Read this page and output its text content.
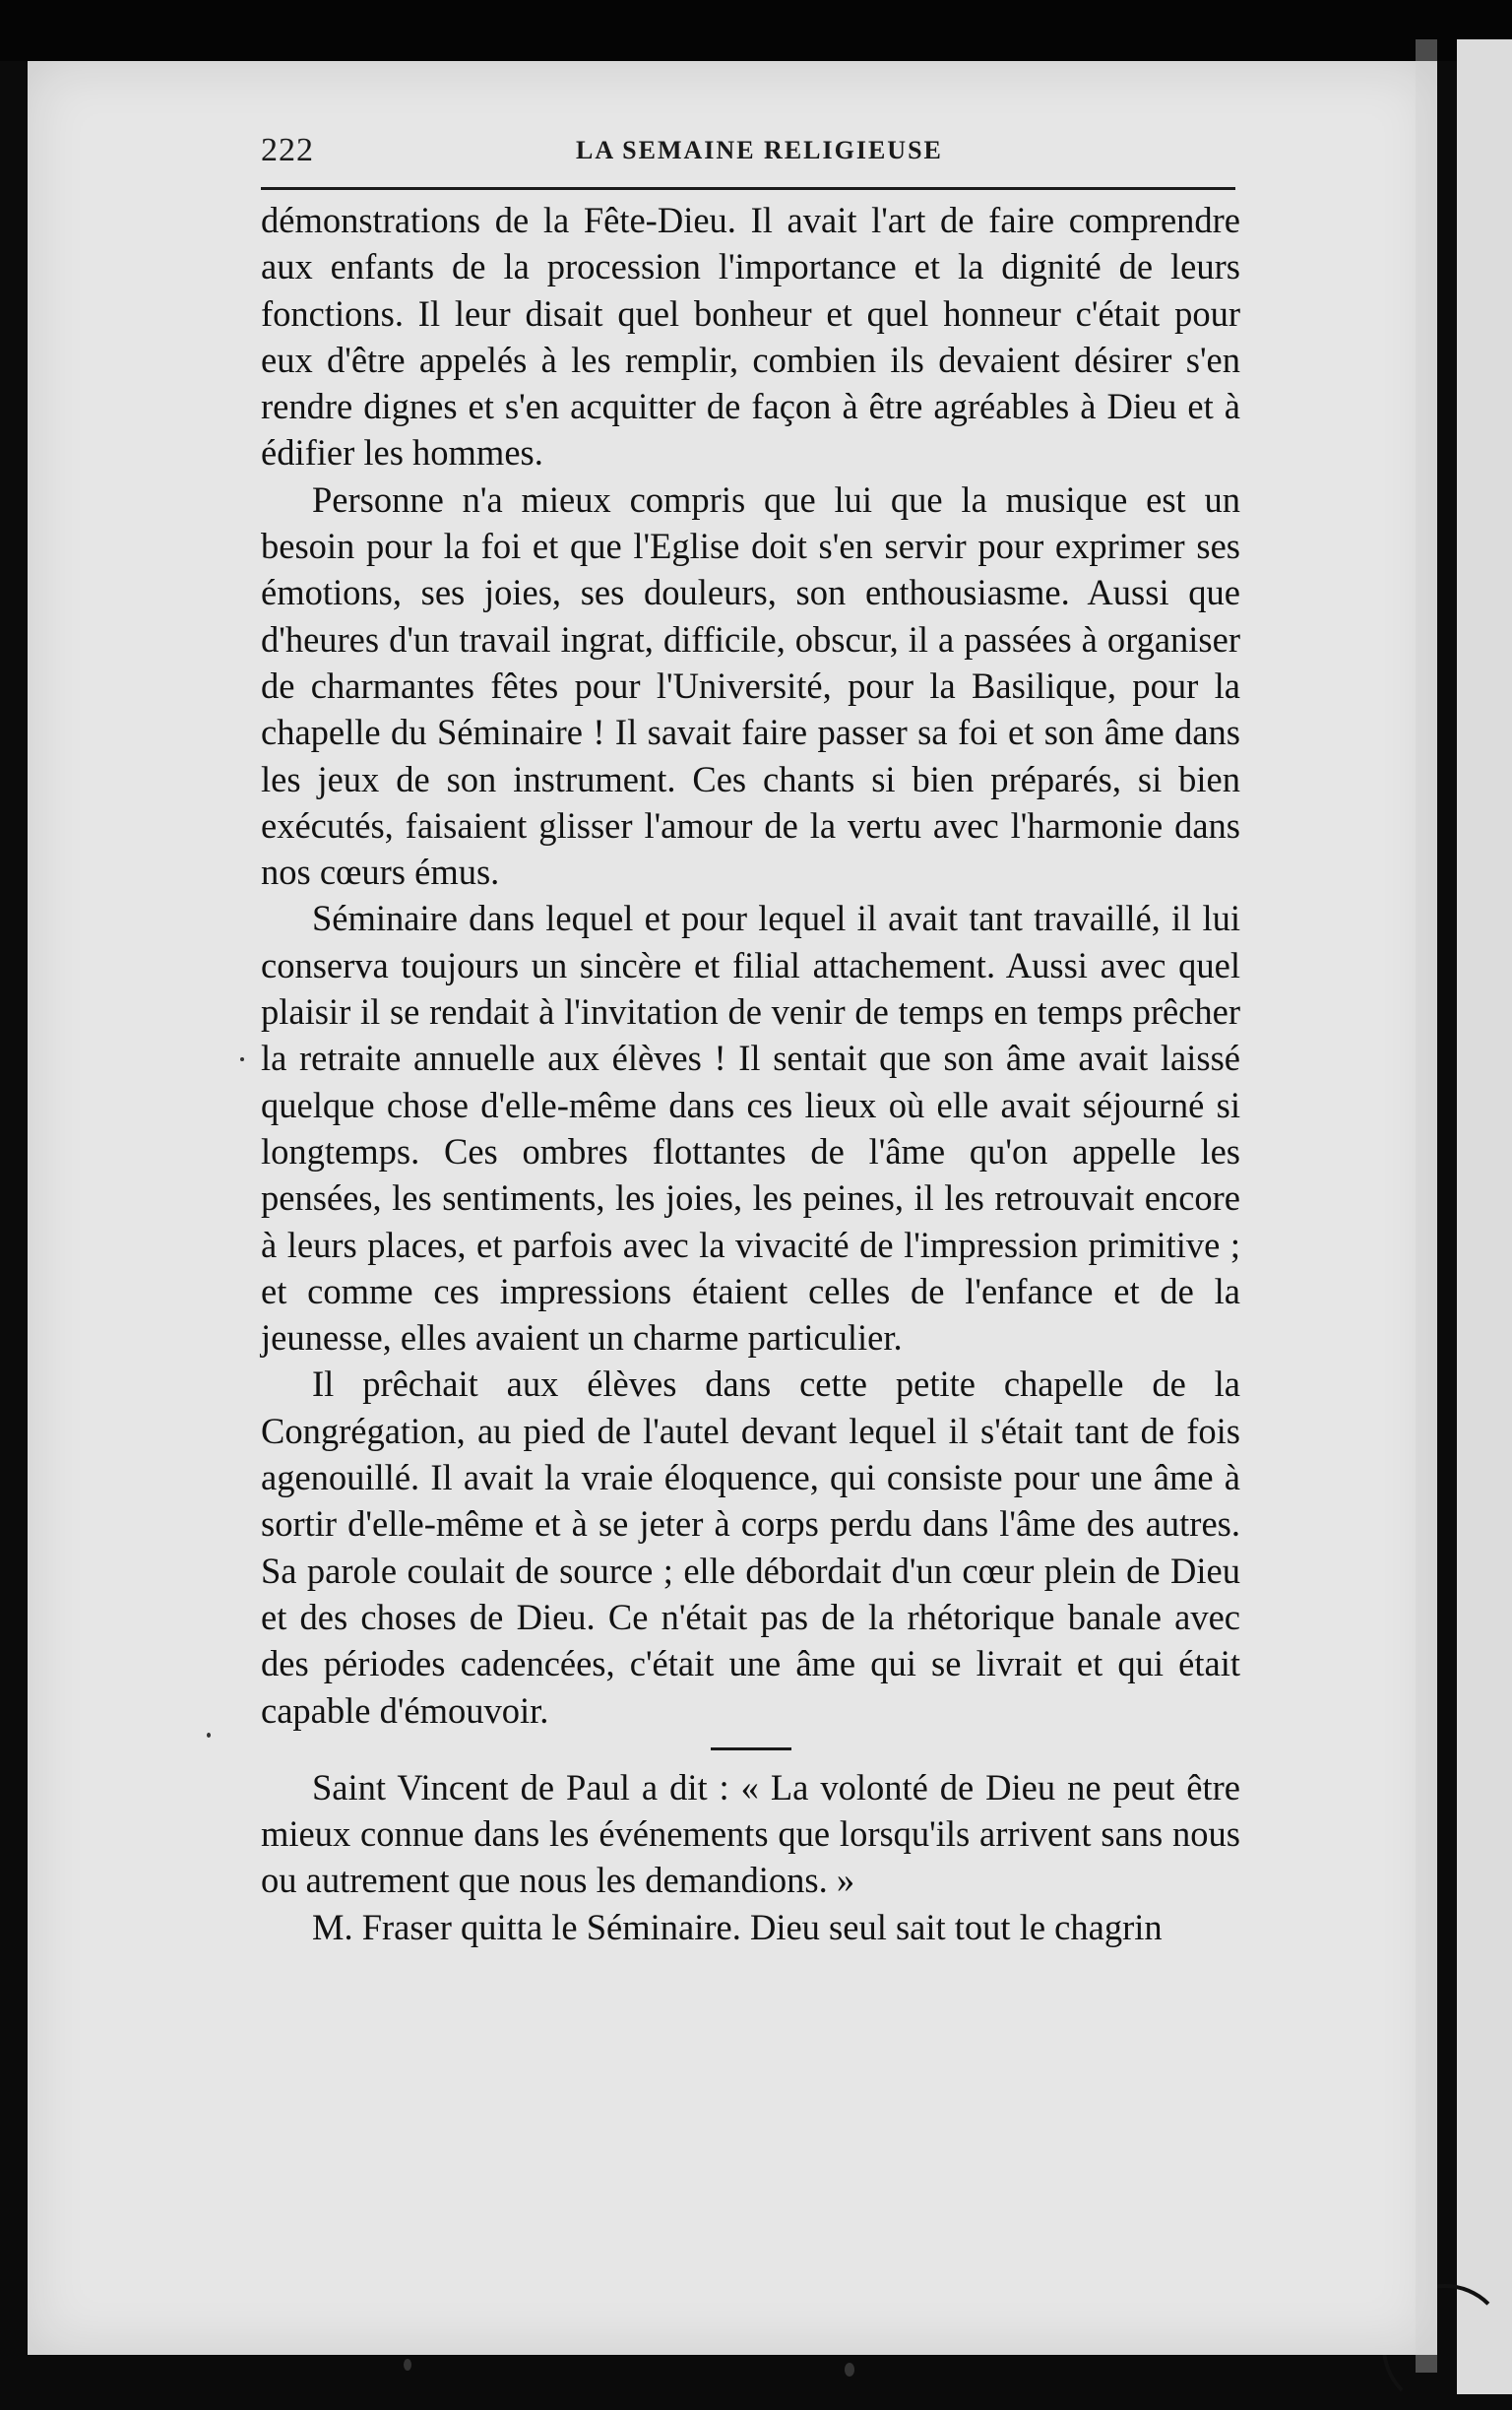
222	LA SEMAINE RELIGIEUSE

démonstrations de la Fête-Dieu. Il avait l'art de faire comprendre aux enfants de la procession l'importance et la dignité de leurs fonctions. Il leur disait quel bonheur et quel honneur c'était pour eux d'être appelés à les remplir, combien ils devaient désirer s'en rendre dignes et s'en acquitter de façon à être agréables à Dieu et à édifier les hommes.

Personne n'a mieux compris que lui que la musique est un besoin pour la foi et que l'Eglise doit s'en servir pour exprimer ses émotions, ses joies, ses douleurs, son enthousiasme. Aussi que d'heures d'un travail ingrat, difficile, obscur, il a passées à organiser de charmantes fêtes pour l'Université, pour la Basilique, pour la chapelle du Séminaire ! Il savait faire passer sa foi et son âme dans les jeux de son instrument. Ces chants si bien préparés, si bien exécutés, faisaient glisser l'amour de la vertu avec l'harmonie dans nos cœurs émus.

Séminaire dans lequel et pour lequel il avait tant travaillé, il lui conserva toujours un sincère et filial attachement. Aussi avec quel plaisir il se rendait à l'invitation de venir de temps en temps prêcher la retraite annuelle aux élèves ! Il sentait que son âme avait laissé quelque chose d'elle-même dans ces lieux où elle avait séjourné si longtemps. Ces ombres flottantes de l'âme qu'on appelle les pensées, les sentiments, les joies, les peines, il les retrouvait encore à leurs places, et parfois avec la vivacité de l'impression primitive ; et comme ces impressions étaient celles de l'enfance et de la jeunesse, elles avaient un charme particulier.

Il prêchait aux élèves dans cette petite chapelle de la Congrégation, au pied de l'autel devant lequel il s'était tant de fois agenouillé. Il avait la vraie éloquence, qui consiste pour une âme à sortir d'elle-même et à se jeter à corps perdu dans l'âme des autres. Sa parole coulait de source ; elle débordait d'un cœur plein de Dieu et des choses de Dieu. Ce n'était pas de la rhétorique banale avec des périodes cadencées, c'était une âme qui se livrait et qui était capable d'émouvoir.

Saint Vincent de Paul a dit : « La volonté de Dieu ne peut être mieux connue dans les événements que lorsqu'ils arrivent sans nous ou autrement que nous les demandions. »

M. Fraser quitta le Séminaire. Dieu seul sait tout le chagrin
